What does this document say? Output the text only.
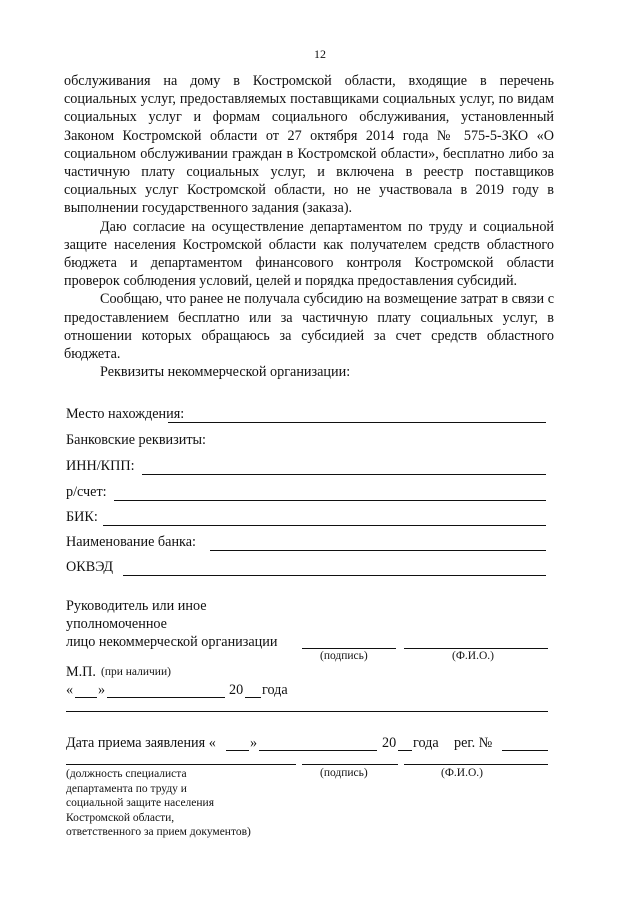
12

обслуживания на дому в Костромской области, входящие в перечень социальных услуг, предоставляемых поставщиками социальных услуг, по видам социальных услуг и формам социального обслуживания, установленный Законом Костромской области от 27 октября 2014 года № 575-5-ЗКО «О социальном обслуживании граждан в Костромской области», бесплатно либо за частичную плату социальных услуг, и включена в реестр поставщиков социальных услуг Костромской области, но не участвовала в 2019 году в выполнении государственного задания (заказа).

Даю согласие на осуществление департаментом по труду и социальной защите населения Костромской области как получателем средств областного бюджета и департаментом финансового контроля Костромской области проверок соблюдения условий, целей и порядка предоставления субсидий.

Сообщаю, что ранее не получала субсидию на возмещение затрат в связи с предоставлением бесплатно или за частичную плату социальных услуг, в отношении которых обращаюсь за субсидией за счет средств областного бюджета.

Реквизиты некоммерческой организации:

Место нахождения:
Банковские реквизиты:
ИНН/КПП:
р/счет:
БИК:
Наименование банка:
ОКВЭД
Руководитель или иное
уполномоченное
лицо некоммерческой организации
(подпись)	(Ф.И.О.)
М.П. (при наличии)
« »	20 года
Дата приема заявления « »	20 года рег. №
(должность специалиста
департамента по труду и
социальной защите населения
Костромской области,
ответственного за прием документов)
(подпись)	(Ф.И.О.)
